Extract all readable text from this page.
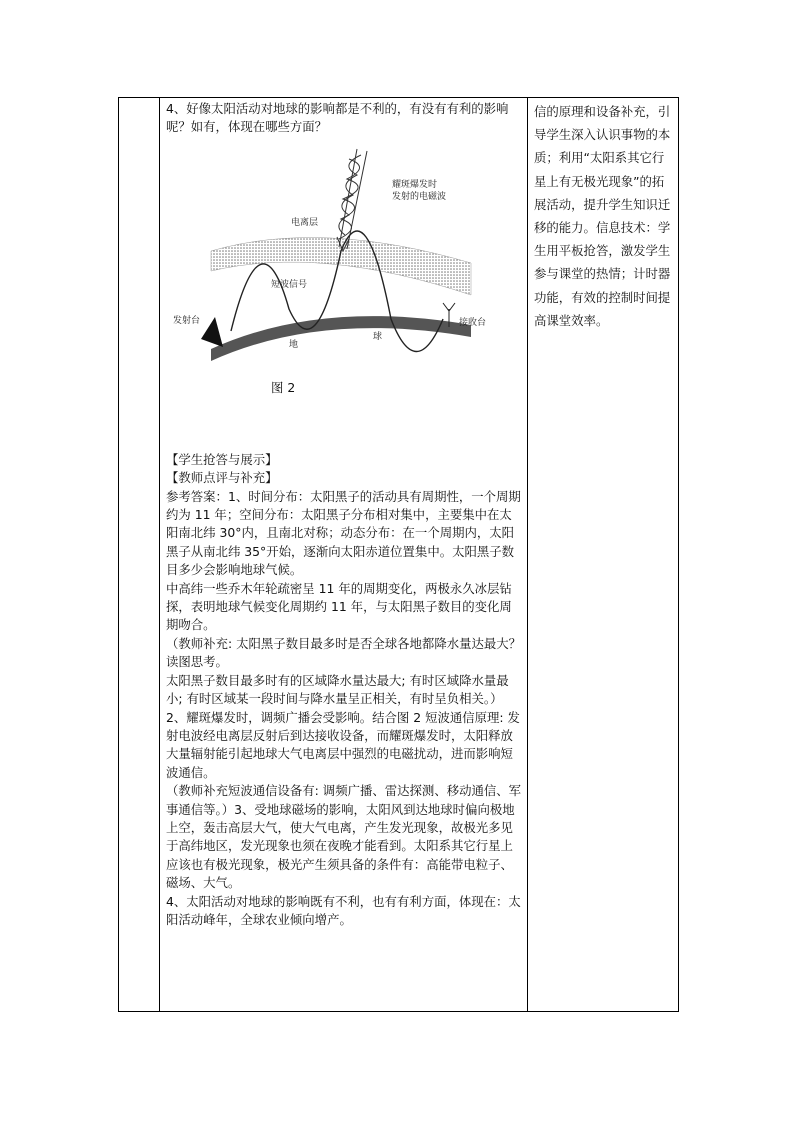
4、好像太阳活动对地球的影响都是不利的，有没有有利的影响呢？如有，体现在哪些方面？

耀斑爆发时
发射的电磁波
电离层
短波信号
发射台	接收台
地
球
图 2

【学生抢答与展示】

【教师点评与补充】

参考答案：1、时间分布：太阳黑子的活动具有周期性，一个周期约为 11 年；空间分布：太阳黑子分布相对集中，主要集中在太阳南北纬 30°内，且南北对称；动态分布：在一个周期内，太阳黑子从南北纬 35°开始，逐渐向太阳赤道位置集中。太阳黑子数目多少会影响地球气候。

中高纬一些乔木年轮疏密呈 11 年的周期变化，两极永久冰层钻探，表明地球气候变化周期约 11 年，与太阳黑子数目的变化周期吻合。

（教师补充: 太阳黑子数目最多时是否全球各地都降水量达最大？读图思考。

太阳黑子数目最多时有的区域降水量达最大; 有时区域降水量最小; 有时区域某一段时间与降水量呈正相关，有时呈负相关。）

2、耀斑爆发时，调频广播会受影响。结合图 2 短波通信原理: 发射电波经电离层反射后到达接收设备，而耀斑爆发时，太阳释放大量辐射能引起地球大气电离层中强烈的电磁扰动，进而影响短波通信。

（教师补充短波通信设备有: 调频广播、雷达探测、移动通信、军事通信等。）3、受地球磁场的影响，太阳风到达地球时偏向极地上空，轰击高层大气，使大气电离，产生发光现象，故极光多见于高纬地区，发光现象也须在夜晚才能看到。太阳系其它行星上应该也有极光现象，极光产生须具备的条件有：高能带电粒子、磁场、大气。

4、太阳活动对地球的影响既有不利，也有有利方面，体现在：太阳活动峰年，全球农业倾向增产。

信的原理和设备补充，引导学生深入认识事物的本质；利用“太阳系其它行星上有无极光现象”的拓展活动，提升学生知识迁移的能力。信息技术：学生用平板抢答，激发学生参与课堂的热情；计时器功能，有效的控制时间提高课堂效率。
